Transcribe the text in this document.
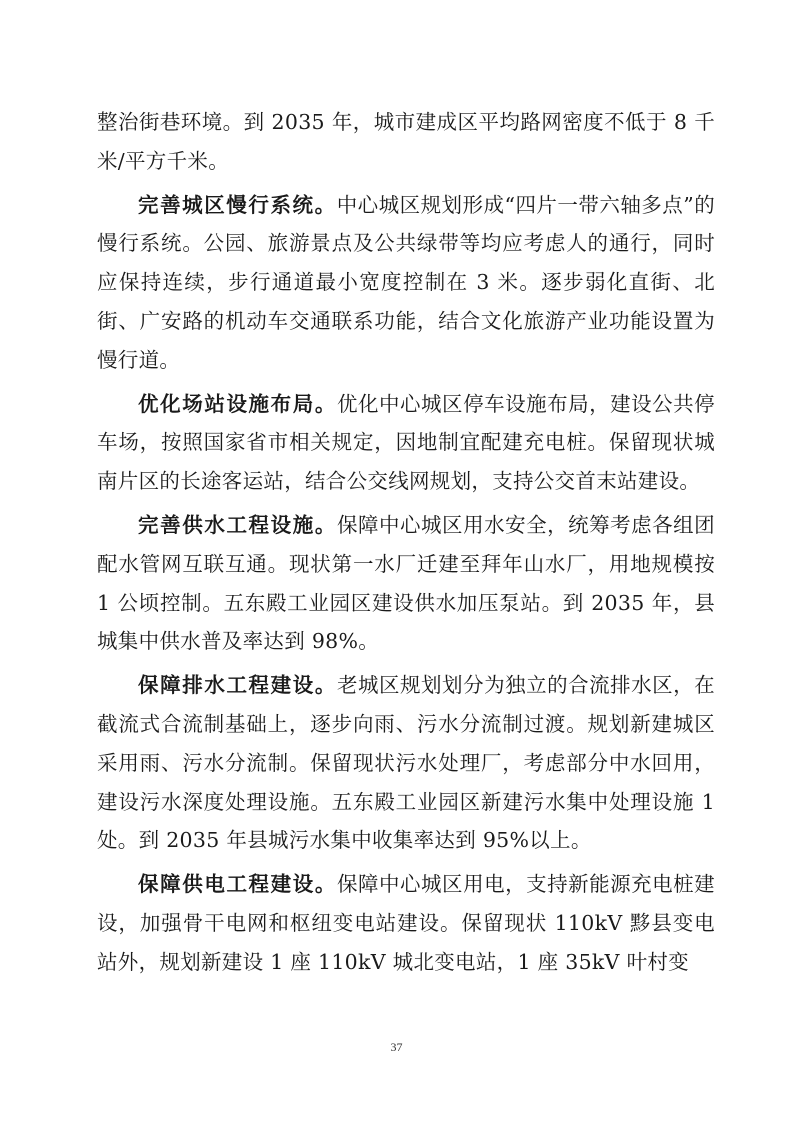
整治街巷环境。到 2035 年，城市建成区平均路网密度不低于 8 千米/平方千米。

完善城区慢行系统。中心城区规划形成“四片一带六轴多点”的慢行系统。公园、旅游景点及公共绿带等均应考虑人的通行，同时应保持连续，步行通道最小宽度控制在 3 米。逐步弱化直街、北街、广安路的机动车交通联系功能，结合文化旅游产业功能设置为慢行道。

优化场站设施布局。优化中心城区停车设施布局，建设公共停车场，按照国家省市相关规定，因地制宜配建充电桩。保留现状城南片区的长途客运站，结合公交线网规划，支持公交首末站建设。

完善供水工程设施。保障中心城区用水安全，统筹考虑各组团配水管网互联互通。现状第一水厂迁建至拜年山水厂，用地规模按 1 公顷控制。五东殿工业园区建设供水加压泵站。到 2035 年，县城集中供水普及率达到 98%。

保障排水工程建设。老城区规划划分为独立的合流排水区，在截流式合流制基础上，逐步向雨、污水分流制过渡。规划新建城区采用雨、污水分流制。保留现状污水处理厂，考虑部分中水回用，建设污水深度处理设施。五东殿工业园区新建污水集中处理设施 1 处。到 2035 年县城污水集中收集率达到 95%以上。

保障供电工程建设。保障中心城区用电，支持新能源充电桩建设，加强骨干电网和枢纽变电站建设。保留现状 110kV 黟县变电站外，规划新建设 1 座 110kV 城北变电站，1 座 35kV 叶村变

37
